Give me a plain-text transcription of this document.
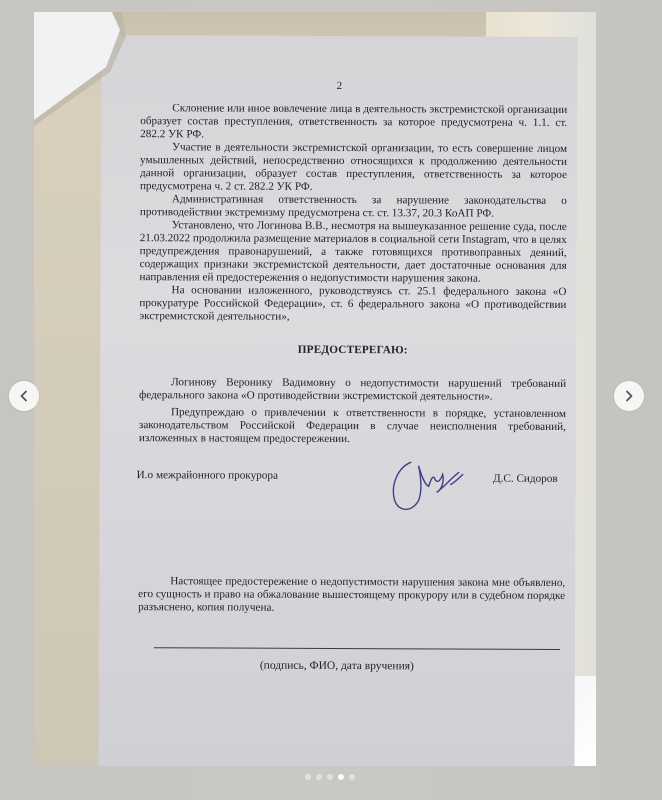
2

Склонение или иное вовлечение лица в деятельность экстремистской организации образует состав преступления, ответственность за которое предусмотрена ч. 1.1. ст. 282.2 УК РФ.

Участие в деятельности экстремистской организации, то есть совершение лицом умышленных действий, непосредственно относящихся к продолжению деятельности данной организации, образует состав преступления, ответственность за которое предусмотрена ч. 2 ст. 282.2 УК РФ.

Административная ответственность за нарушение законодательства о противодействии экстремизму предусмотрена ст. ст. 13.37, 20.3 КоАП РФ.

Установлено, что Логинова В.В., несмотря на вышеуказанное решение суда, после 21.03.2022 продолжила размещение материалов в социальной сети Instagram, что в целях предупреждения правонарушений, а также готовящихся противоправных деяний, содержащих признаки экстремистской деятельности, дает достаточные основания для направления ей предостережения о недопустимости нарушения закона.

На основании изложенного, руководствуясь ст. 25.1 федерального закона «О прокуратуре Российской Федерации», ст. 6 федерального закона «О противодействии экстремистской деятельности»,

ПРЕДОСТЕРЕГАЮ:

Логинову Веронику Вадимовну о недопустимости нарушений требований федерального закона «О противодействии экстремистской деятельности».

Предупреждаю о привлечении к ответственности в порядке, установленном законодательством Российской Федерации в случае неисполнения требований, изложенных в настоящем предостережении.

И.о межрайонного прокурора	Д.С. Сидоров

Настоящее предостережение о недопустимости нарушения закона мне объявлено, его сущность и право на обжалование вышестоящему прокурору или в судебном порядке разъяснено, копия получена.

(подпись, ФИО, дата вручения)
